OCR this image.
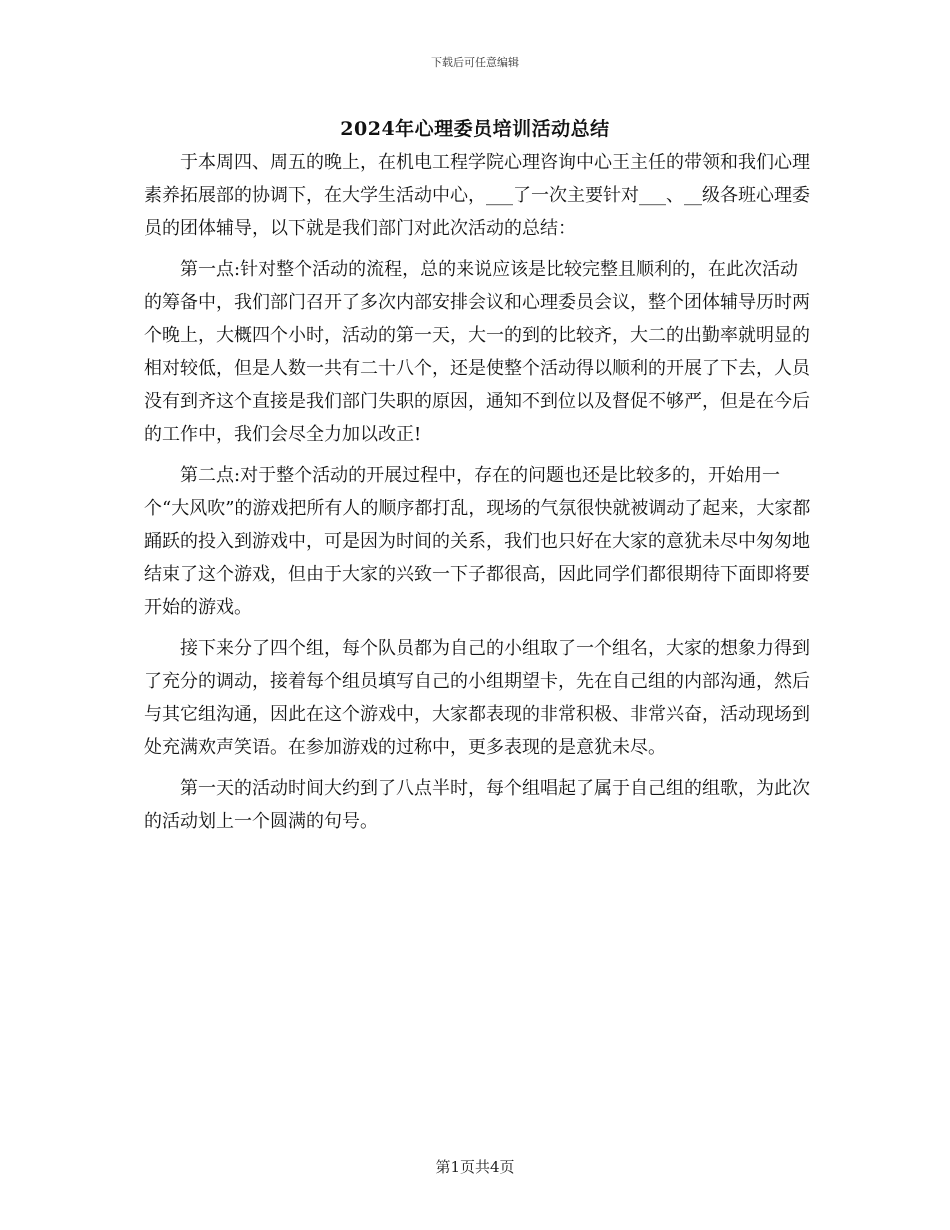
下载后可任意编辑
2024年心理委员培训活动总结

于本周四、周五的晚上，在机电工程学院心理咨询中心王主任的带领和我们心理素养拓展部的协调下，在大学生活动中心，___了一次主要针对___、__级各班心理委员的团体辅导，以下就是我们部门对此次活动的总结：

第一点:针对整个活动的流程，总的来说应该是比较完整且顺利的，在此次活动的筹备中，我们部门召开了多次内部安排会议和心理委员会议，整个团体辅导历时两个晚上，大概四个小时，活动的第一天，大一的到的比较齐，大二的出勤率就明显的相对较低，但是人数一共有二十八个，还是使整个活动得以顺利的开展了下去，人员没有到齐这个直接是我们部门失职的原因，通知不到位以及督促不够严，但是在今后的工作中，我们会尽全力加以改正!

第二点:对于整个活动的开展过程中，存在的问题也还是比较多的，开始用一个“大风吹”的游戏把所有人的顺序都打乱，现场的气氛很快就被调动了起来，大家都踊跃的投入到游戏中，可是因为时间的关系，我们也只好在大家的意犹未尽中匆匆地结束了这个游戏，但由于大家的兴致一下子都很高，因此同学们都很期待下面即将要开始的游戏。

接下来分了四个组，每个队员都为自己的小组取了一个组名，大家的想象力得到了充分的调动，接着每个组员填写自己的小组期望卡，先在自己组的内部沟通，然后与其它组沟通，因此在这个游戏中，大家都表现的非常积极、非常兴奋，活动现场到处充满欢声笑语。在参加游戏的过称中，更多表现的是意犹未尽。

第一天的活动时间大约到了八点半时，每个组唱起了属于自己组的组歌，为此次的活动划上一个圆满的句号。

第1页共4页
